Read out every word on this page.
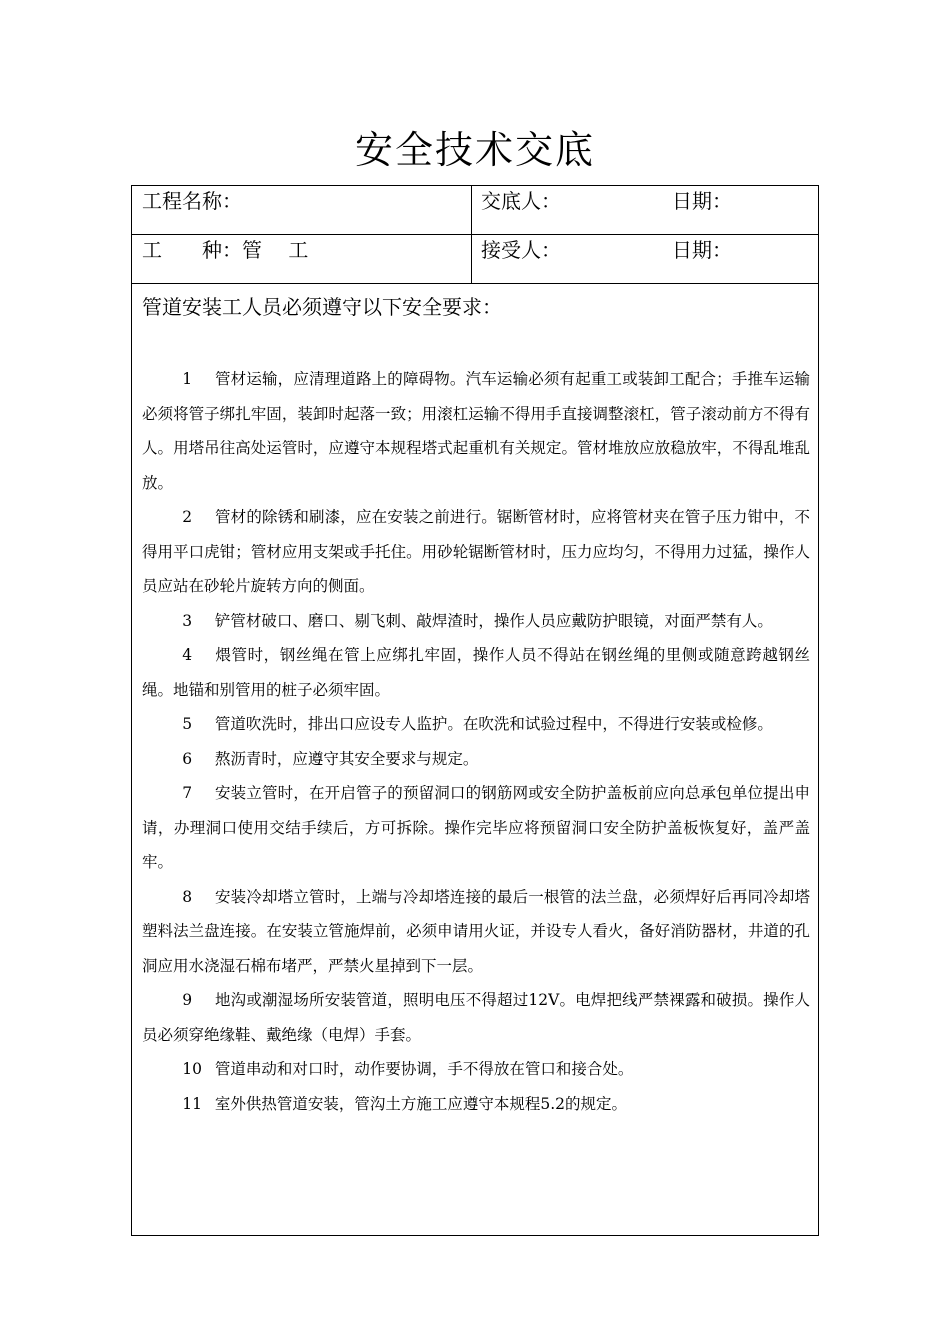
安全技术交底
工程名称：	交底人：	日期：
工　　种：管　 工	接受人：	日期：
管道安装工人员必须遵守以下安全要求：

1 管材运输，应清理道路上的障碍物。汽车运输必须有起重工或装卸工配合；手推车运输必须将管子绑扎牢固，装卸时起落一致；用滚杠运输不得用手直接调整滚杠，管子滚动前方不得有人。用塔吊往高处运管时，应遵守本规程塔式起重机有关规定。管材堆放应放稳放牢，不得乱堆乱放。

2 管材的除锈和刷漆，应在安装之前进行。锯断管材时，应将管材夹在管子压力钳中，不得用平口虎钳；管材应用支架或手托住。用砂轮锯断管材时，压力应均匀，不得用力过猛，操作人员应站在砂轮片旋转方向的侧面。

3 铲管材破口、磨口、剔飞刺、敲焊渣时，操作人员应戴防护眼镜，对面严禁有人。

4 煨管时，钢丝绳在管上应绑扎牢固，操作人员不得站在钢丝绳的里侧或随意跨越钢丝绳。地锚和别管用的桩子必须牢固。

5 管道吹洗时，排出口应设专人监护。在吹洗和试验过程中，不得进行安装或检修。

6 熬沥青时，应遵守其安全要求与规定。

7 安装立管时，在开启管子的预留洞口的钢筋网或安全防护盖板前应向总承包单位提出申请，办理洞口使用交结手续后，方可拆除。操作完毕应将预留洞口安全防护盖板恢复好，盖严盖牢。

8 安装冷却塔立管时，上端与冷却塔连接的最后一根管的法兰盘，必须焊好后再同冷却塔塑料法兰盘连接。在安装立管施焊前，必须申请用火证，并设专人看火，备好消防器材，井道的孔洞应用水浇湿石棉布堵严，严禁火星掉到下一层。

9 地沟或潮湿场所安装管道，照明电压不得超过12V。电焊把线严禁裸露和破损。操作人员必须穿绝缘鞋、戴绝缘（电焊）手套。

10 管道串动和对口时，动作要协调，手不得放在管口和接合处。

11 室外供热管道安装，管沟土方施工应遵守本规程5.2的规定。
